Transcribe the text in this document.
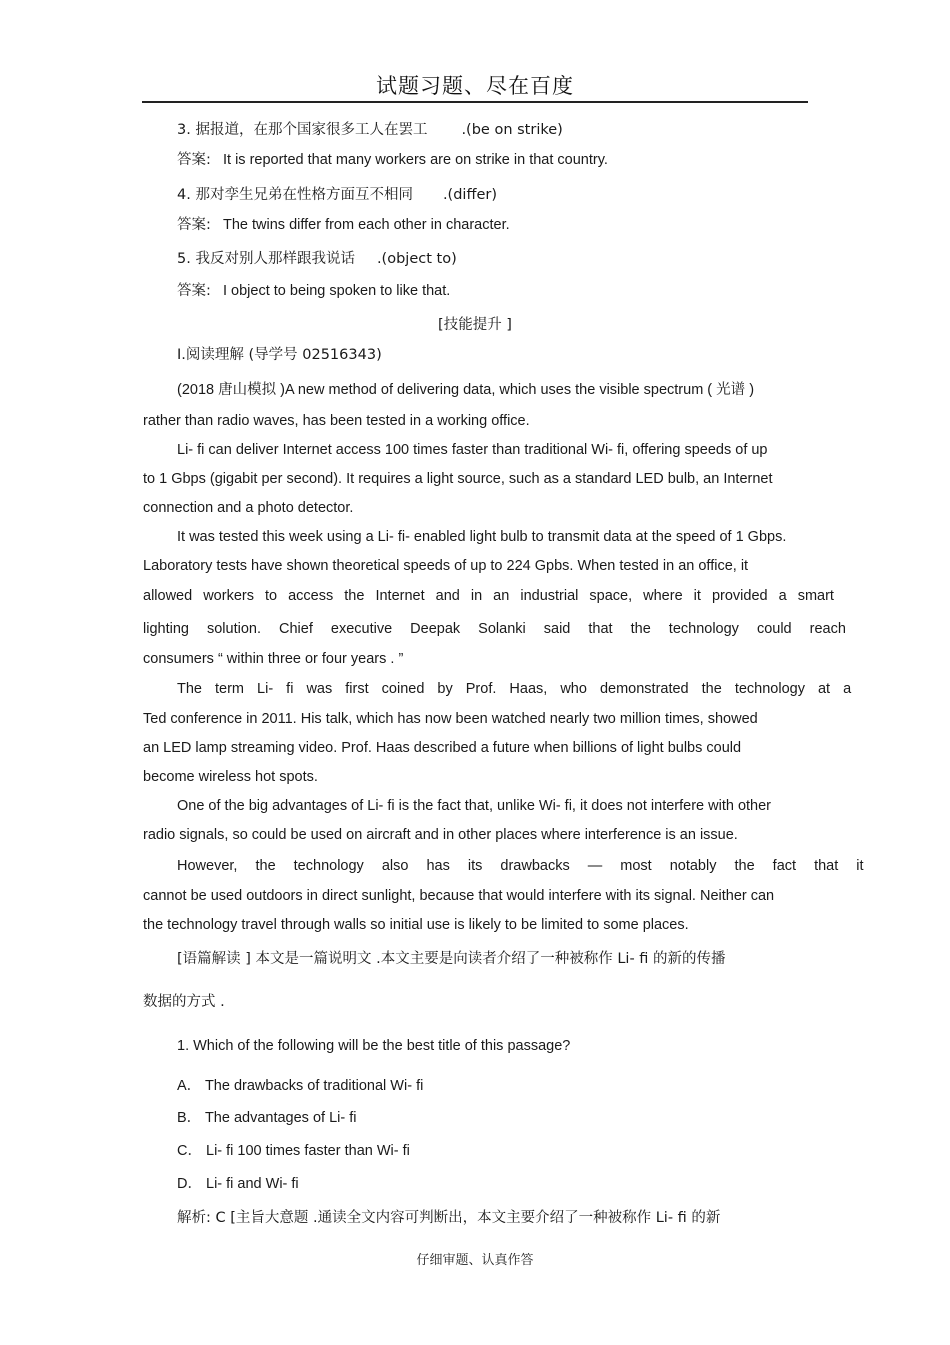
试题习题、尽在百度
3. 据报道，在那个国家很多工人在罢工 .(be on strike)
答案: It is reported that many workers are on strike in that country.
4. 那对孪生兄弟在性格方面互不相同 .(differ)
答案: The twins differ from each other in character.
5. 我反对别人那样跟我说话 .(object to)
答案: I object to being spoken to like that.
[技能提升 ]
Ⅰ.阅读理解 (导学号 02516343)
(2018 唐山模拟 )A new method of delivering data, which uses the visible spectrum ( 光谱 )
rather than radio waves, has been tested in a working office.
Li- fi can deliver Internet access 100 times faster than traditional Wi- fi, offering speeds of up
to 1 Gbps (gigabit per second). It requires a light source, such as a standard LED bulb, an Internet
connection and a photo detector.
It was tested this week using a Li- fi- enabled light bulb to transmit data at the speed of 1 Gbps.
Laboratory tests have shown theoretical speeds of up to 224 Gpbs. When tested in an office, it
allowed workers to access the Internet and in an industrial space, where it provided a smart
lighting solution. Chief executive Deepak Solanki said that the technology could reach
consumers “ within three or four years . ”
The term Li- fi was first coined by Prof. Haas, who demonstrated the technology at a
Ted conference in 2011. His talk, which has now been watched nearly two million times, showed
an LED lamp streaming video. Prof. Haas described a future when billions of light bulbs could
become wireless hot spots.
One of the big advantages of Li- fi is the fact that, unlike Wi- fi, it does not interfere with other
radio signals, so could be used on aircraft and in other places where interference is an issue.
However, the technology also has its drawbacks — most notably the fact that it
cannot be used outdoors in direct sunlight, because that would interfere with its signal. Neither can
the technology travel through walls so initial use is likely to be limited to some places.
[语篇解读 ] 本文是一篇说明文 .本文主要是向读者介绍了一种被称作 Li- fi 的新的传播
数据的方式 .
1. Which of the following will be the best title of this passage?
A． The drawbacks of traditional Wi- fi
B． The advantages of Li- fi
C． Li- fi 100 times faster than Wi- fi
D． Li- fi and Wi- fi
解析: C [主旨大意题 .通读全文内容可判断出，本文主要介绍了一种被称作 Li- fi 的新
仔细审题、认真作答
